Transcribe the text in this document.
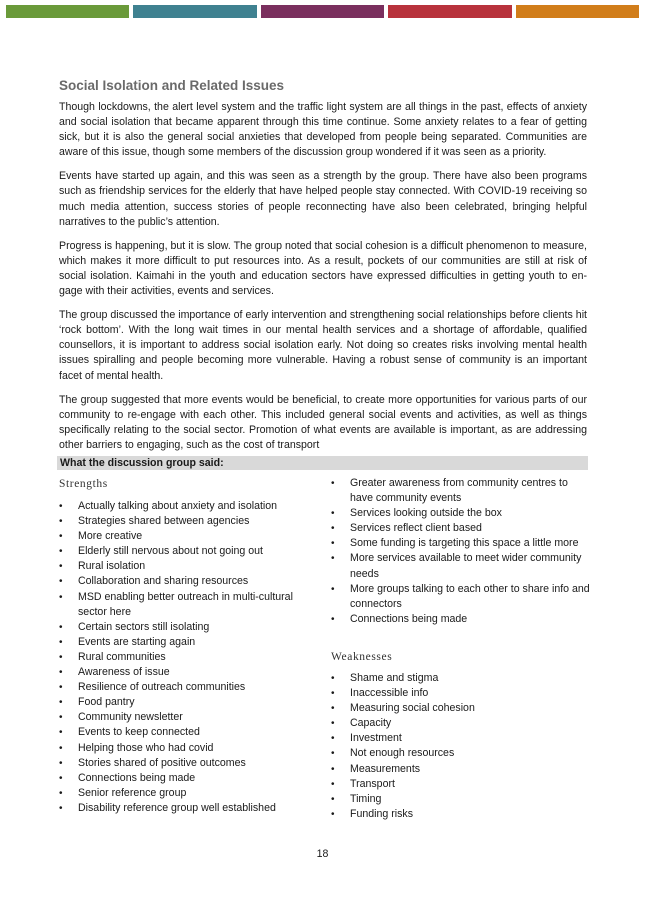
Social Isolation and Related Issues

Though lockdowns, the alert level system and the traffic light system are all things in the past, effects of anxiety and social isolation that became apparent through this time continue. Some anxiety relates to a fear of getting sick, but it is also the general social anxieties that developed from people being separated. Communities are aware of this issue, though some members of the discussion group wondered if it was seen as a priority.

Events have started up again, and this was seen as a strength by the group. There have also been programs such as friendship services for the elderly that have helped people stay connected. With COVID-19 receiving so much media attention, success stories of people reconnecting have also been celebrated, bringing helpful narratives to the public’s attention.

Progress is happening, but it is slow. The group noted that social cohesion is a difficult phenomenon to measure, which makes it more difficult to put resources into. As a result, pockets of our communities are still at risk of social isolation. Kaimahi in the youth and education sectors have expressed difficulties in getting youth to en- gage with their activities, events and services.

The group discussed the importance of early intervention and strengthening social relationships before clients hit ‘rock bottom’. With the long wait times in our mental health services and a shortage of affordable, qualified counsellors, it is important to address social isolation early. Not doing so creates risks involving mental health issues spiralling and people becoming more vulnerable. Having a robust sense of community is an important facet of mental health.

The group suggested that more events would be beneficial, to create more opportunities for various parts of our community to re-engage with each other. This included general social events and activities, as well as things specifically relating to the social sector. Promotion of what events are available is important, as are addressing other barriers to engaging, such as the cost of transport

What the discussion group said:
Strengths
• Actually talking about anxiety and isolation
• Strategies shared between agencies
• More creative
• Elderly still nervous about not going out
• Rural isolation
• Collaboration and sharing resources
• MSD enabling better outreach in multi-cultural sector here
• Certain sectors still isolating
• Events are starting again
• Rural communities
• Awareness of issue
• Resilience of outreach communities
• Food pantry
• Community newsletter
• Events to keep connected
• Helping those who had covid
• Stories shared of positive outcomes
• Connections being made
• Senior reference group
• Disability reference group well established
• Greater awareness from community centres to have community events
• Services looking outside the box
• Services reflect client based
• Some funding is targeting this space a little more
• More services available to meet wider community needs
• More groups talking to each other to share info and connectors
• Connections being made
Weaknesses
• Shame and stigma
• Inaccessible info
• Measuring social cohesion
• Capacity
• Investment
• Not enough resources
• Measurements
• Transport
• Timing
• Funding risks
18
